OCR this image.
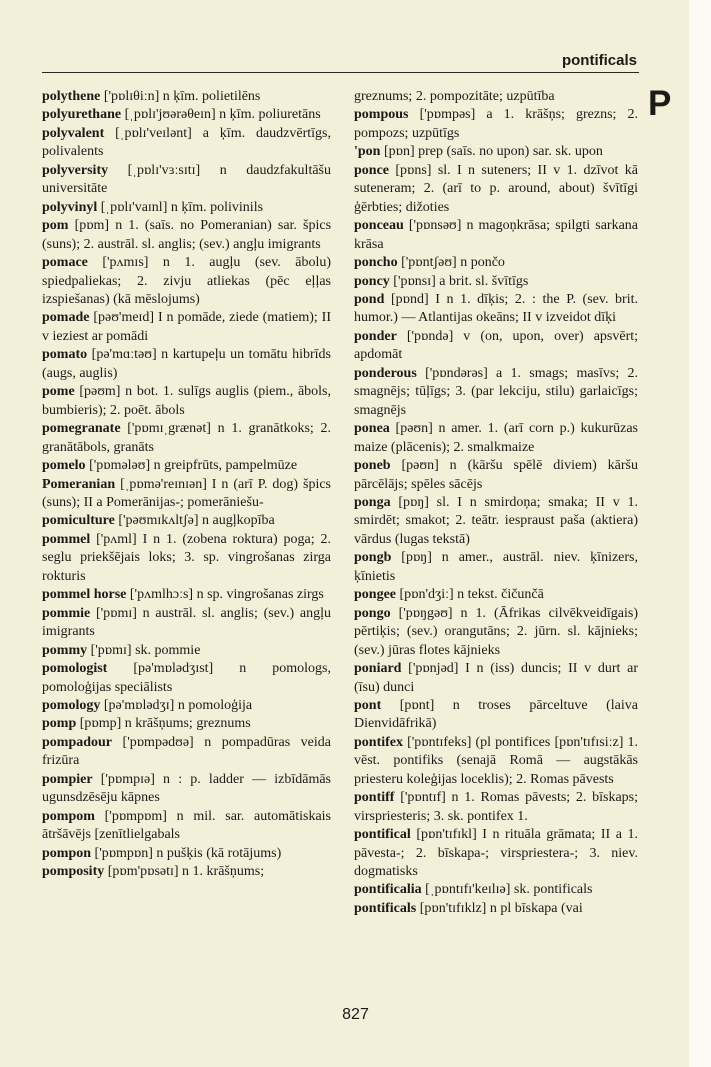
pontificals
P
polythene ['pɒlɪθiːn] n ķīm. polietilēns
polyurethane [ˌpɒlɪ'jʊərəθeɪn] n ķīm. poliuretāns
polyvalent [ˌpɒlɪ'veɪlənt] a ķīm. daudzvērtīgs, polivalents
polyversity [ˌpɒlɪ'vɜːsɪtɪ] n daudzfakultāšu universitāte
polyvinyl [ˌpɒlɪ'vaɪnl] n ķīm. polivinils
pom [pɒm] n 1. (saīs. no Pomeranian) sar. špics (suns); 2. austrāl. sl. anglis; (sev.) angļu imigrants
pomace ['pʌmɪs] n 1. augļu (sev. ābolu) spiedpaliekas; 2. zivju atliekas (pēc eļļas izspiešanas) (kā mēslojums)
pomade [pəʊ'meɪd] I n pomāde, ziede (matiem); II v ieziest ar pomādi
pomato [pə'mɑːtəʊ] n kartupeļu un tomātu hibrīds (augs, auglis)
pome [pəʊm] n bot. 1. sulīgs auglis (piem., ābols, bumbieris); 2. poēt. ābols
pomegranate ['pɒmɪˌgrænət] n 1. granātkoks; 2. granātābols, granāts
pomelo ['pɒmələʊ] n greipfrūts, pampelmūze
Pomeranian [ˌpɒmə'reɪnɪən] I n (arī P. dog) špics (suns); II a Pomerānijas-; pomerāniešu-
pomiculture ['pəʊmɪkʌltʃə] n augļkopība
pommel ['pʌml] I n 1. (zobena roktura) poga; 2. seglu priekšējais loks; 3. sp. vingrošanas zirga rokturis
pommel horse ['pʌmlhɔːs] n sp. vingrošanas zirgs
pommie ['pɒmɪ] n austrāl. sl. anglis; (sev.) angļu imigrants
pommy ['pɒmɪ] sk. pommie
pomologist [pə'mɒlədʒɪst] n pomologs, pomoloģijas speciālists
pomology [pə'mɒlədʒɪ] n pomoloģija
pomp [pɒmp] n krāšņums; greznums
pompadour ['pɒmpədʊə] n pompadūras veida frizūra
pompier ['pɒmpɪə] n : p. ladder — izbīdāmās ugunsdzēsēju kāpnes
pompom ['pɒmpɒm] n mil. sar. automātiskais ātršāvējs [zenītlielgabals
pompon ['pɒmpɒn] n pušķis (kā rotājums)
pomposity [pɒm'pɒsətɪ] n 1. krāšņums;
greznums; 2. pompozitāte; uzpūtība
pompous ['pɒmpəs] a 1. krāšņs; grezns; 2. pompozs; uzpūtīgs
'pon [pɒn] prep (saīs. no upon) sar. sk. upon
ponce [pɒns] sl. I n suteners; II v 1. dzīvot kā suteneram; 2. (arī to p. around, about) švītīgi ģērbties; dižoties
ponceau ['pɒnsəʊ] n magoņkrāsa; spilgti sarkana krāsa
poncho ['pɒntʃəʊ] n pončo
poncy ['pɒnsɪ] a brit. sl. švītīgs
pond [pɒnd] I n 1. dīķis; 2. : the P. (sev. brit. humor.) — Atlantijas okeāns; II v izveidot dīķi
ponder ['pɒndə] v (on, upon, over) apsvērt; apdomāt
ponderous ['pɒndərəs] a 1. smags; masīvs; 2. smagnējs; tūļīgs; 3. (par lekciju, stilu) garlaicīgs; smagnējs
ponea [pəʊn] n amer. 1. (arī corn p.) kukurūzas maize (plācenis); 2. smalkmaize
poneb [pəʊn] n (kāršu spēlē diviem) kāršu pārcēlājs; spēles sācējs
ponga [pɒŋ] sl. I n smirdoņa; smaka; II v 1. smirdēt; smakot; 2. teātr. iespraust paša (aktiera) vārdus (lugas tekstā)
pongb [pɒŋ] n amer., austrāl. niev. ķīnizers, ķīnietis
pongee [pɒn'dʒiː] n tekst. čičunčā
pongo ['pɒŋgəʊ] n 1. (Āfrikas cilvēkveidīgais) pērtiķis; (sev.) orangutāns; 2. jūrn. sl. kājnieks; (sev.) jūras flotes kājnieks
poniard ['pɒnjəd] I n (iss) duncis; II v durt ar (īsu) dunci
pont [pɒnt] n troses pārceltuve (laiva Dienvidāfrikā)
pontifex ['pɒntɪfeks] (pl pontifices [pɒn'tɪfɪsiːz] 1. vēst. pontifiks (senajā Romā — augstākās priesteru koleģijas loceklis); 2. Romas pāvests
pontiff ['pɒntɪf] n 1. Romas pāvests; 2. bīskaps; virspriesteris; 3. sk. pontifex 1.
pontifical [pɒn'tɪfɪkl] I n rituāla grāmata; II a 1. pāvesta-; 2. bīskapa-; virspriestera-; 3. niev. dogmatisks
pontificalia [ˌpɒntɪfɪ'keɪlɪə] sk. pontificals
pontificals [pɒn'tɪfɪklz] n pl bīskapa (vai
827
